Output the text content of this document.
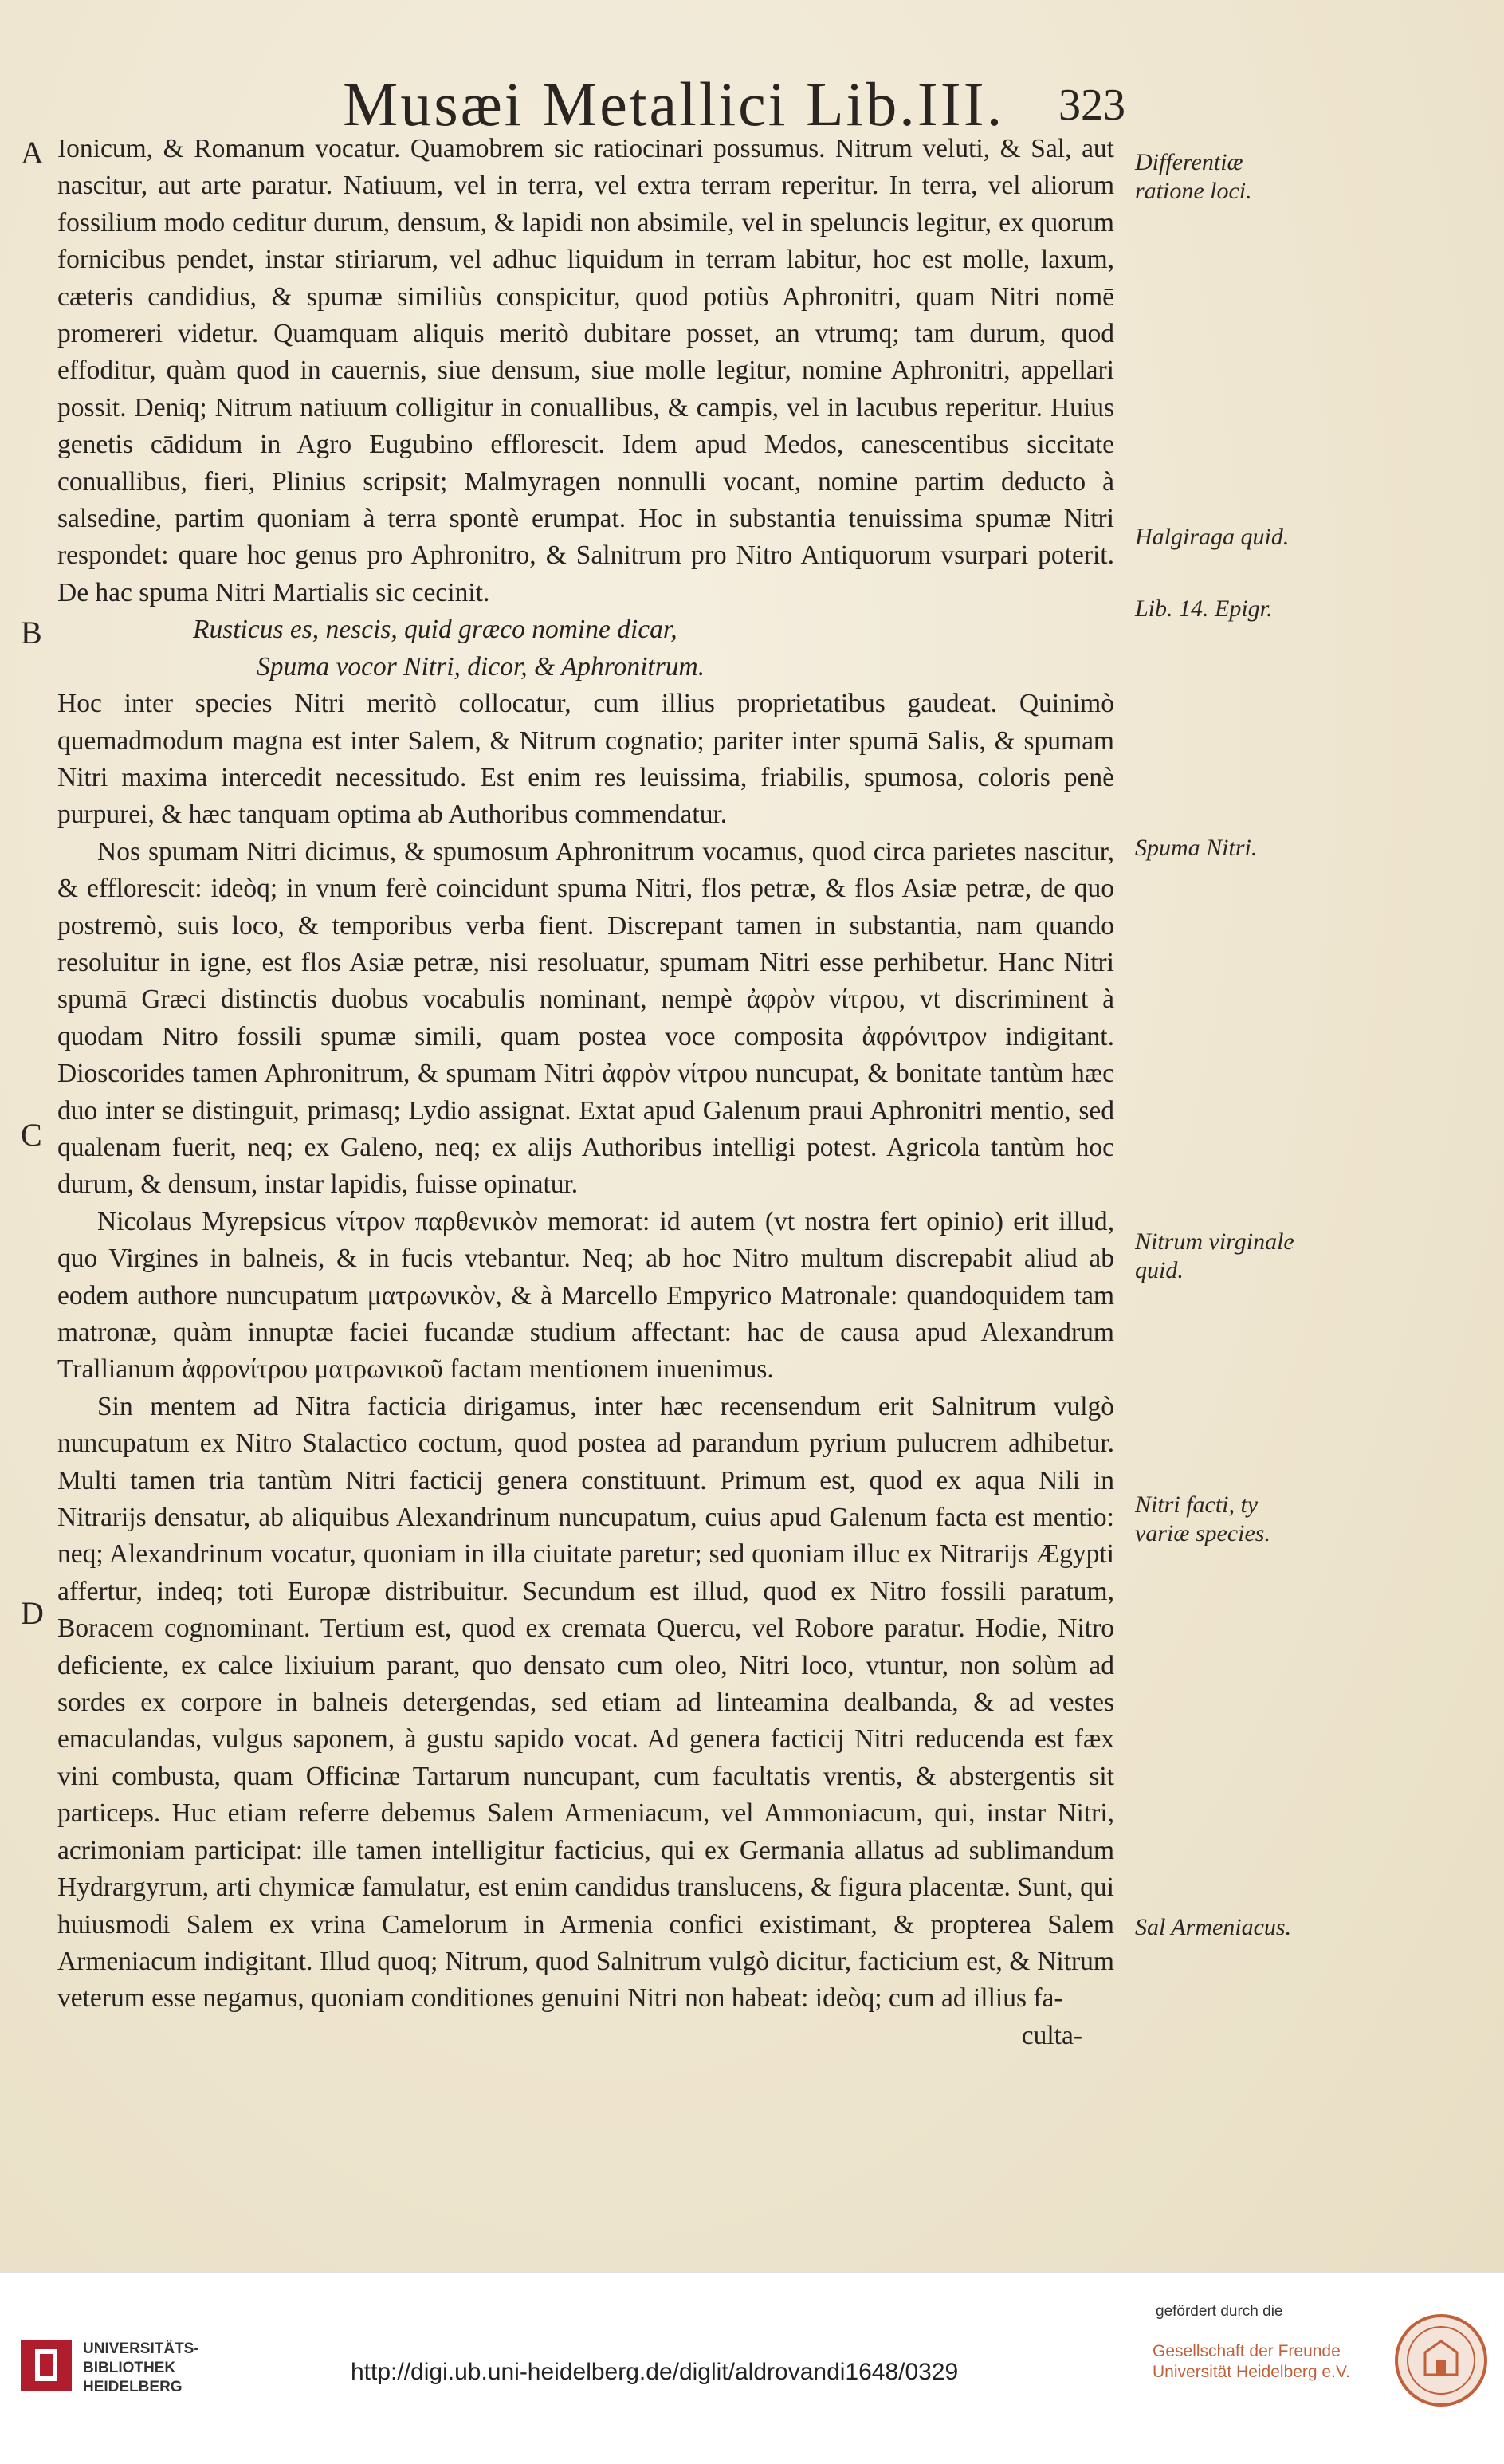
Musæi Metallici Lib.III. 323
A
B
C
D
Differentiæ ratione loci.
Halgiraga quid.
Lib. 14. Epigr.
Spuma Nitri.
Nitrum virginale quid.
Nitri facti, ty variæ species.
Sal Armeniacus.

Ionicum, & Romanum vocatur. Quamobrem sic ratiocinari possumus. Nitrum veluti, & Sal, aut nascitur, aut arte paratur. Natiuum, vel in terra, vel extra terram reperitur. In terra, vel aliorum fossilium modo ceditur durum, densum, & lapidi non absimile, vel in speluncis legitur, ex quorum fornicibus pendet, instar stiriarum, vel adhuc liquidum in terram labitur, hoc est molle, laxum, cæteris candidius, & spumæ similiùs conspicitur, quod potiùs Aphronitri, quam Nitri nomē promereri videtur. Quamquam aliquis meritò dubitare posset, an vtrumq; tam durum, quod effoditur, quàm quod in cauernis, siue densum, siue molle legitur, nomine Aphronitri, appellari possit. Deniq; Nitrum natiuum colligitur in conuallibus, & campis, vel in lacubus reperitur. Huius genetis cādidum in Agro Eugubino efflorescit. Idem apud Medos, canescentibus siccitate conuallibus, fieri, Plinius scripsit; Malmyragen nonnulli vocant, nomine partim deducto à salsedine, partim quoniam à terra spontè erumpat. Hoc in substantia tenuissima spumæ Nitri respondet: quare hoc genus pro Aphronitro, & Salnitrum pro Nitro Antiquorum vsurpari poterit. De hac spuma Nitri Martialis sic cecinit.

Rusticus es, nescis, quid græco nomine dicar,

Spuma vocor Nitri, dicor, & Aphronitrum.

Hoc inter species Nitri meritò collocatur, cum illius proprietatibus gaudeat. Quinimò quemadmodum magna est inter Salem, & Nitrum cognatio; pariter inter spumā Salis, & spumam Nitri maxima intercedit necessitudo. Est enim res leuissima, friabilis, spumosa, coloris penè purpurei, & hæc tanquam optima ab Authoribus commendatur.

Nos spumam Nitri dicimus, & spumosum Aphronitrum vocamus, quod circa parietes nascitur, & efflorescit: ideòq; in vnum ferè coincidunt spuma Nitri, flos petræ, & flos Asiæ petræ, de quo postremò, suis loco, & temporibus verba fient. Discrepant tamen in substantia, nam quando resoluitur in igne, est flos Asiæ petræ, nisi resoluatur, spumam Nitri esse perhibetur. Hanc Nitri spumā Græci distinctis duobus vocabulis nominant, nempè ἀφρὸν νίτρου, vt discriminent à quodam Nitro fossili spumæ simili, quam postea voce composita ἀφρόνιτρον indigitant. Dioscorides tamen Aphronitrum, & spumam Nitri ἀφρὸν νίτρου nuncupat, & bonitate tantùm hæc duo inter se distinguit, primasq; Lydio assignat. Extat apud Galenum praui Aphronitri mentio, sed qualenam fuerit, neq; ex Galeno, neq; ex alijs Authoribus intelligi potest. Agricola tantùm hoc durum, & densum, instar lapidis, fuisse opinatur.

Nicolaus Myrepsicus νίτρον παρθενικὸν memorat: id autem (vt nostra fert opinio) erit illud, quo Virgines in balneis, & in fucis vtebantur. Neq; ab hoc Nitro multum discrepabit aliud ab eodem authore nuncupatum ματρωνικὸν, & à Marcello Empyrico Matronale: quandoquidem tam matronæ, quàm innuptæ faciei fucandæ studium affectant: hac de causa apud Alexandrum Trallianum ἀφρονίτρου ματρωνικοῦ factam mentionem inuenimus.

Sin mentem ad Nitra facticia dirigamus, inter hæc recensendum erit Salnitrum vulgò nuncupatum ex Nitro Stalactico coctum, quod postea ad parandum pyrium pulucrem adhibetur. Multi tamen tria tantùm Nitri facticij genera constituunt. Primum est, quod ex aqua Nili in Nitrarijs densatur, ab aliquibus Alexandrinum nuncupatum, cuius apud Galenum facta est mentio: neq; Alexandrinum vocatur, quoniam in illa ciuitate paretur; sed quoniam illuc ex Nitrarijs Ægypti affertur, indeq; toti Europæ distribuitur. Secundum est illud, quod ex Nitro fossili paratum, Boracem cognominant. Tertium est, quod ex cremata Quercu, vel Robore paratur. Hodie, Nitro deficiente, ex calce lixiuium parant, quo densato cum oleo, Nitri loco, vtuntur, non solùm ad sordes ex corpore in balneis detergendas, sed etiam ad linteamina dealbanda, & ad vestes emaculandas, vulgus saponem, à gustu sapido vocat. Ad genera facticij Nitri reducenda est fæx vini combusta, quam Officinæ Tartarum nuncupant, cum facultatis vrentis, & abstergentis sit particeps. Huc etiam referre debemus Salem Armeniacum, vel Ammoniacum, qui, instar Nitri, acrimoniam participat: ille tamen intelligitur facticius, qui ex Germania allatus ad sublimandum Hydrargyrum, arti chymicæ famulatur, est enim candidus translucens, & figura placentæ. Sunt, qui huiusmodi Salem ex vrina Camelorum in Armenia confici existimant, & propterea Salem Armeniacum indigitant. Illud quoq; Nitrum, quod Salnitrum vulgò dicitur, facticium est, & Nitrum veterum esse negamus, quoniam conditiones genuini Nitri non habeat: ideòq; cum ad illius fa-

culta-

UNIVERSITÄTS-
BIBLIOTHEK
HEIDELBERG
http://digi.ub.uni-heidelberg.de/diglit/aldrovandi1648/0329
gefördert durch die
Gesellschaft der Freunde
Universität Heidelberg e.V.
